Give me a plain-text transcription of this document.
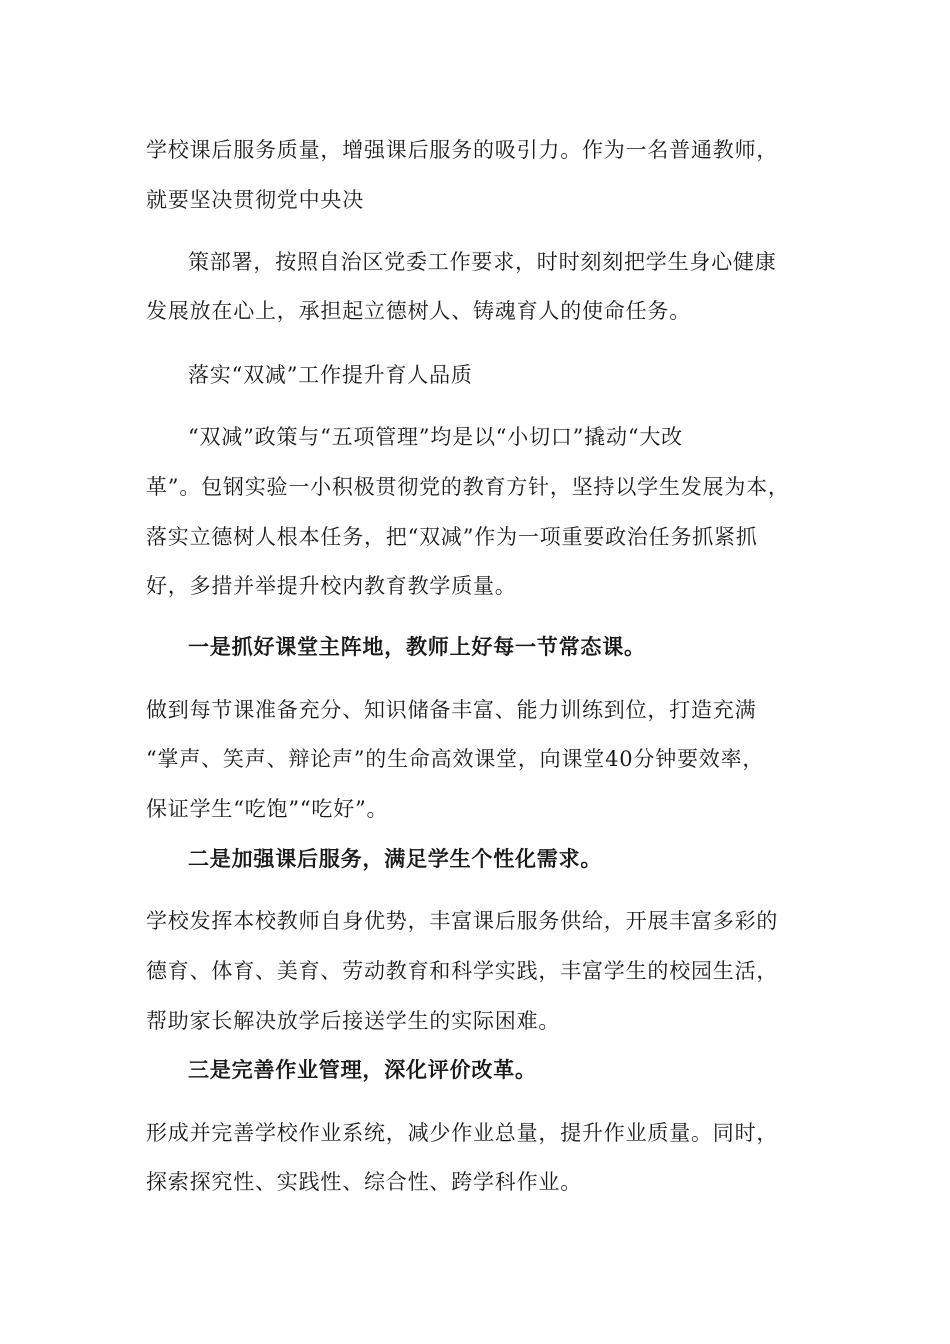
学校课后服务质量，增强课后服务的吸引力。作为一名普通教师，
就要坚决贯彻党中央决
策部署，按照自治区党委工作要求，时时刻刻把学生身心健康
发展放在心上，承担起立德树人、铸魂育人的使命任务。
落实“双减”工作提升育人品质
“双减”政策与“五项管理”均是以“小切口”撬动“大改
革”。包钢实验一小积极贯彻党的教育方针，坚持以学生发展为本，
落实立德树人根本任务，把“双减”作为一项重要政治任务抓紧抓
好，多措并举提升校内教育教学质量。
一是抓好课堂主阵地，教师上好每一节常态课。
做到每节课准备充分、知识储备丰富、能力训练到位，打造充满
“掌声、笑声、辩论声”的生命高效课堂，向课堂40分钟要效率，
保证学生“吃饱”“吃好”。
二是加强课后服务，满足学生个性化需求。
学校发挥本校教师自身优势，丰富课后服务供给，开展丰富多彩的
德育、体育、美育、劳动教育和科学实践，丰富学生的校园生活，
帮助家长解决放学后接送学生的实际困难。
三是完善作业管理，深化评价改革。
形成并完善学校作业系统，减少作业总量，提升作业质量。同时，
探索探究性、实践性、综合性、跨学科作业。
